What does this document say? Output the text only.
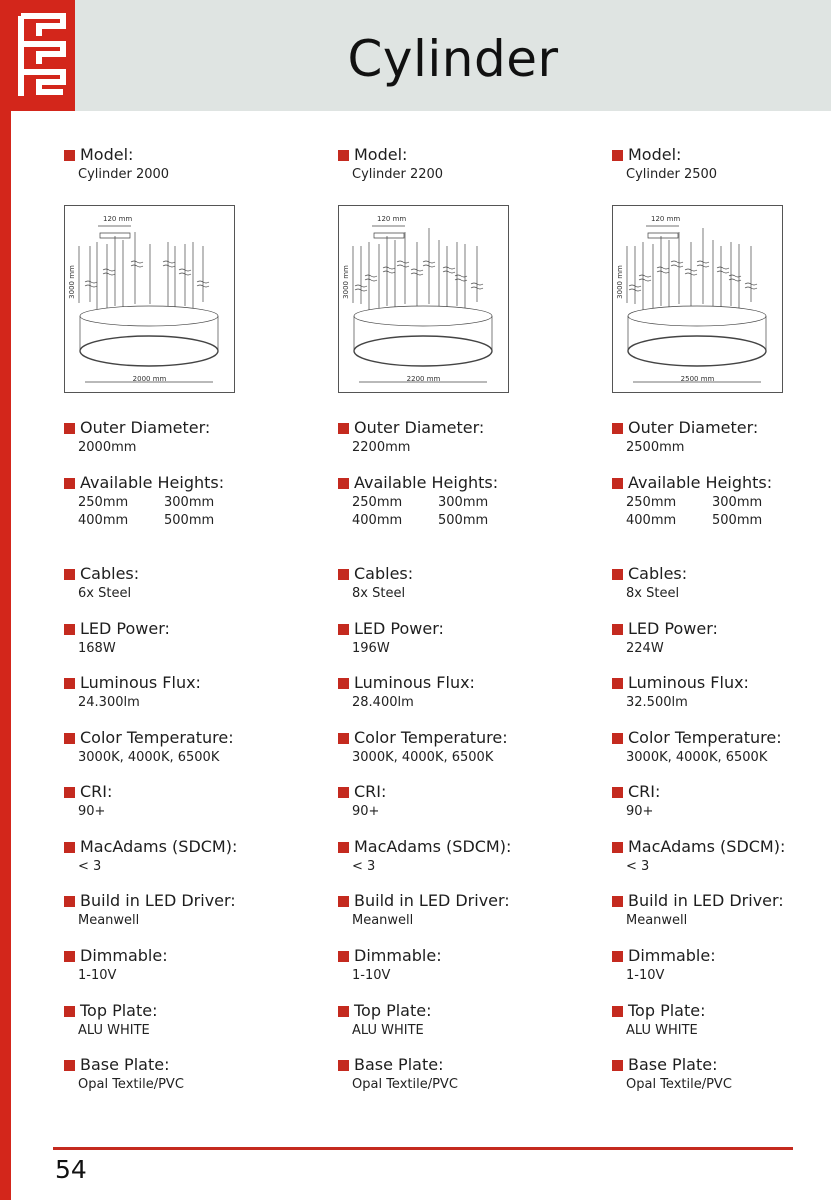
Cylinder
Model:
Cylinder 2000
120 mm
3000 mm
2000 mm
Outer Diameter:
2000mm
Available Heights:
250mm	300mm
400mm	500mm
Cables:
6x Steel
LED Power:
168W
Luminous Flux:
24.300lm
Color Temperature:
3000K, 4000K, 6500K
CRI:
90+
MacAdams (SDCM):
< 3
Build in LED Driver:
Meanwell
Dimmable:
1-10V
Top Plate:
ALU WHITE
Base Plate:
Opal Textile/PVC
Model:
Cylinder 2200
120 mm
3000 mm
2200 mm
Outer Diameter:
2200mm
Available Heights:
250mm	300mm
400mm	500mm
Cables:
8x Steel
LED Power:
196W
Luminous Flux:
28.400lm
Color Temperature:
3000K, 4000K, 6500K
CRI:
90+
MacAdams (SDCM):
< 3
Build in LED Driver:
Meanwell
Dimmable:
1-10V
Top Plate:
ALU WHITE
Base Plate:
Opal Textile/PVC
Model:
Cylinder 2500
120 mm
3000 mm
2500 mm
Outer Diameter:
2500mm
Available Heights:
250mm	300mm
400mm	500mm
Cables:
8x Steel
LED Power:
224W
Luminous Flux:
32.500lm
Color Temperature:
3000K, 4000K, 6500K
CRI:
90+
MacAdams (SDCM):
< 3
Build in LED Driver:
Meanwell
Dimmable:
1-10V
Top Plate:
ALU WHITE
Base Plate:
Opal Textile/PVC
54
